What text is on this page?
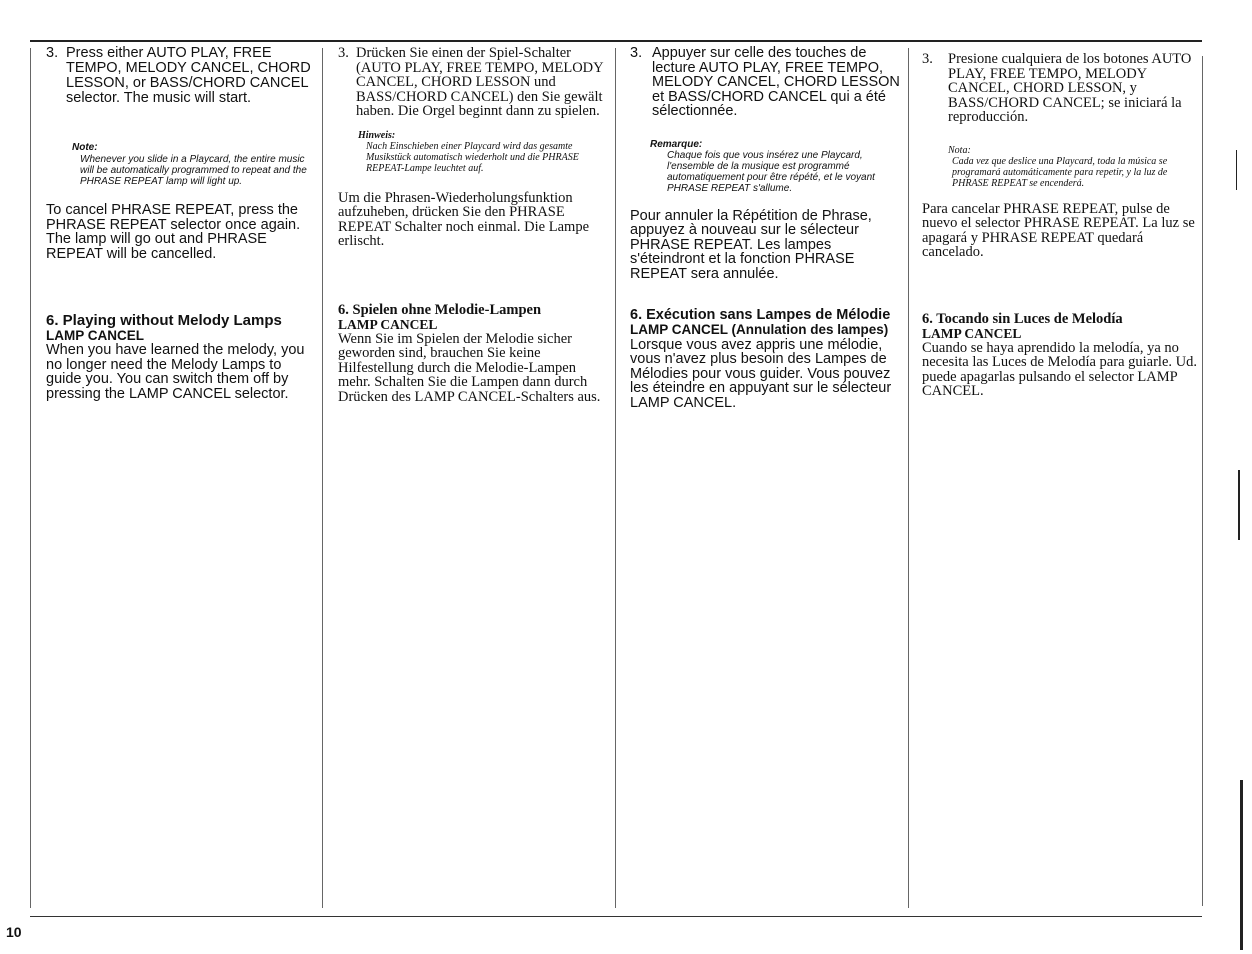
3. Press either AUTO PLAY, FREE TEMPO, MELODY CANCEL, CHORD LESSON, or BASS/CHORD CANCEL selector. The music will start.
Note:
Whenever you slide in a Playcard, the entire music will be automatically programmed to repeat and the PHRASE REPEAT lamp will light up.
To cancel PHRASE REPEAT, press the PHRASE REPEAT selector once again. The lamp will go out and PHRASE REPEAT will be cancelled.
6. Playing without Melody Lamps
LAMP CANCEL
When you have learned the melody, you no longer need the Melody Lamps to guide you. You can switch them off by pressing the LAMP CANCEL selector.
3. Drücken Sie einen der Spiel-Schalter (AUTO PLAY, FREE TEMPO, MELODY CANCEL, CHORD LESSON und BASS/CHORD CANCEL) den Sie gewält haben. Die Orgel beginnt dann zu spielen.
Hinweis:
Nach Einschieben einer Playcard wird das gesamte Musikstück automatisch wiederholt und die PHRASE REPEAT-Lampe leuchtet auf.
Um die Phrasen-Wiederholungsfunktion aufzuheben, drücken Sie den PHRASE REPEAT Schalter noch einmal. Die Lampe erlischt.
6. Spielen ohne Melodie-Lampen
LAMP CANCEL
Wenn Sie im Spielen der Melodie sicher geworden sind, brauchen Sie keine Hilfestellung durch die Melodie-Lampen mehr. Schalten Sie die Lampen dann durch Drücken des LAMP CANCEL-Schalters aus.
3. Appuyer sur celle des touches de lecture AUTO PLAY, FREE TEMPO, MELODY CANCEL, CHORD LESSON et BASS/CHORD CANCEL qui a été sélectionnée.
Remarque:
Chaque fois que vous insérez une Playcard, l'ensemble de la musique est programmé automatiquement pour être répété, et le voyant PHRASE REPEAT s'allume.
Pour annuler la Répétition de Phrase, appuyez à nouveau sur le sélecteur PHRASE REPEAT. Les lampes s'éteindront et la fonction PHRASE REPEAT sera annulée.
6. Exécution sans Lampes de Mélodie
LAMP CANCEL (Annulation des lampes)
Lorsque vous avez appris une mélodie, vous n'avez plus besoin des Lampes de Mélodies pour vous guider. Vous pouvez les éteindre en appuyant sur le sélecteur LAMP CANCEL.
3.	Presione cualquiera de los botones AUTO PLAY, FREE TEMPO, MELODY CANCEL, CHORD LESSON, y BASS/CHORD CANCEL; se iniciará la reproducción.
Nota:
Cada vez que deslice una Playcard, toda la música se programará automáticamente para repetir, y la luz de PHRASE REPEAT se encenderá.
Para cancelar PHRASE REPEAT, pulse de nuevo el selector PHRASE REPEAT. La luz se apagará y PHRASE REPEAT quedará cancelado.
6. Tocando sin Luces de Melodía
LAMP CANCEL
Cuando se haya aprendido la melodía, ya no necesita las Luces de Melodía para guiarle. Ud. puede apagarlas pulsando el selector LAMP CANCEL.
10
